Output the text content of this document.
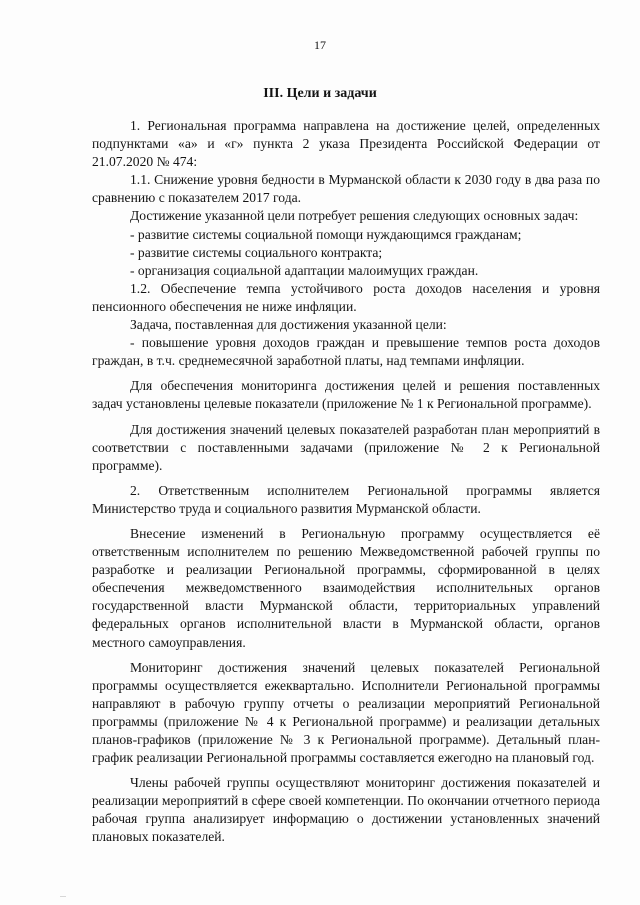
17
III. Цели и задачи

1. Региональная программа направлена на достижение целей, определенных подпунктами «а» и «г» пункта 2 указа Президента Российской Федерации от 21.07.2020 № 474:

1.1. Снижение уровня бедности в Мурманской области к 2030 году в два раза по сравнению с показателем 2017 года.

Достижение указанной цели потребует решения следующих основных задач:

- развитие системы социальной помощи нуждающимся гражданам;

- развитие системы социального контракта;

- организация социальной адаптации малоимущих граждан.

1.2. Обеспечение темпа устойчивого роста доходов населения и уровня пенсионного обеспечения не ниже инфляции.

Задача, поставленная для достижения указанной цели:

- повышение уровня доходов граждан и превышение темпов роста доходов граждан, в т.ч. среднемесячной заработной платы, над темпами инфляции.

Для обеспечения мониторинга достижения целей и решения поставленных задач установлены целевые показатели (приложение № 1 к Региональной программе).

Для достижения значений целевых показателей разработан план мероприятий в соответствии с поставленными задачами (приложение № 2 к Региональной программе).

2. Ответственным исполнителем Региональной программы является Министерство труда и социального развития Мурманской области.

Внесение изменений в Региональную программу осуществляется её ответственным исполнителем по решению Межведомственной рабочей группы по разработке и реализации Региональной программы, сформированной в целях обеспечения межведомственного взаимодействия исполнительных органов государственной власти Мурманской области, территориальных управлений федеральных органов исполнительной власти в Мурманской области, органов местного самоуправления.

Мониторинг достижения значений целевых показателей Региональной программы осуществляется ежеквартально. Исполнители Региональной программы направляют в рабочую группу отчеты о реализации мероприятий Региональной программы (приложение № 4 к Региональной программе) и реализации детальных планов-графиков (приложение № 3 к Региональной программе). Детальный план-график реализации Региональной программы составляется ежегодно на плановый год.

Члены рабочей группы осуществляют мониторинг достижения показателей и реализации мероприятий в сфере своей компетенции. По окончании отчетного периода рабочая группа анализирует информацию о достижении установленных значений плановых показателей.

...
